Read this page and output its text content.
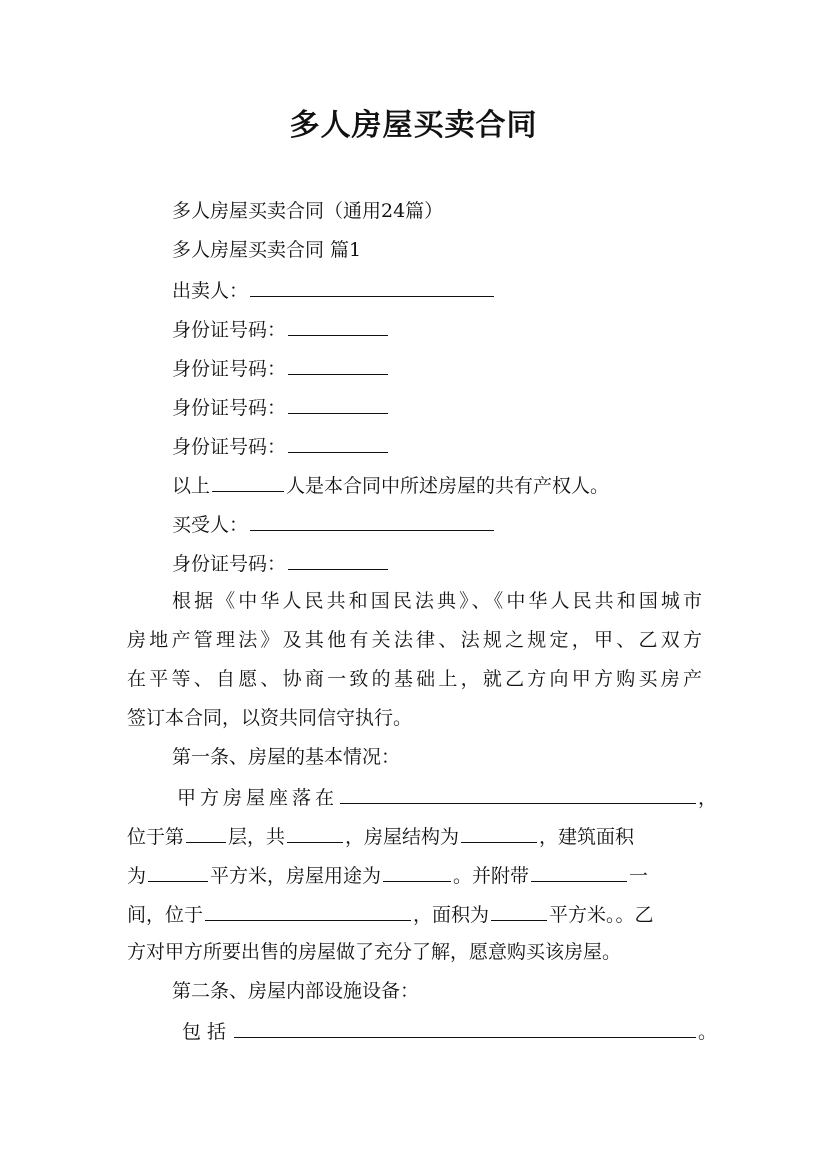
多人房屋买卖合同
多人房屋买卖合同（通用24篇）
多人房屋买卖合同 篇1
出卖人：
身份证号码：
身份证号码：
身份证号码：
身份证号码：
以上	人是本合同中所述房屋的共有产权人。
买受人：
身份证号码：
根据《中华人民共和国民法典》、《中华人民共和国城市
房地产管理法》及其他有关法律、法规之规定，甲、乙双方
在平等、自愿、协商一致的基础上，就乙方向甲方购买房产
签订本合同，以资共同信守执行。
第一条、房屋的基本情况：
甲方房屋座落在	，
位于第 层，共	，房屋结构为	，建筑面积
为	平方米，房屋用途为	。并附带	一
间，位于	，面积为	平方米。。乙
方对甲方所要出售的房屋做了充分了解，愿意购买该房屋。
第二条、房屋内部设施设备：
包括	。
